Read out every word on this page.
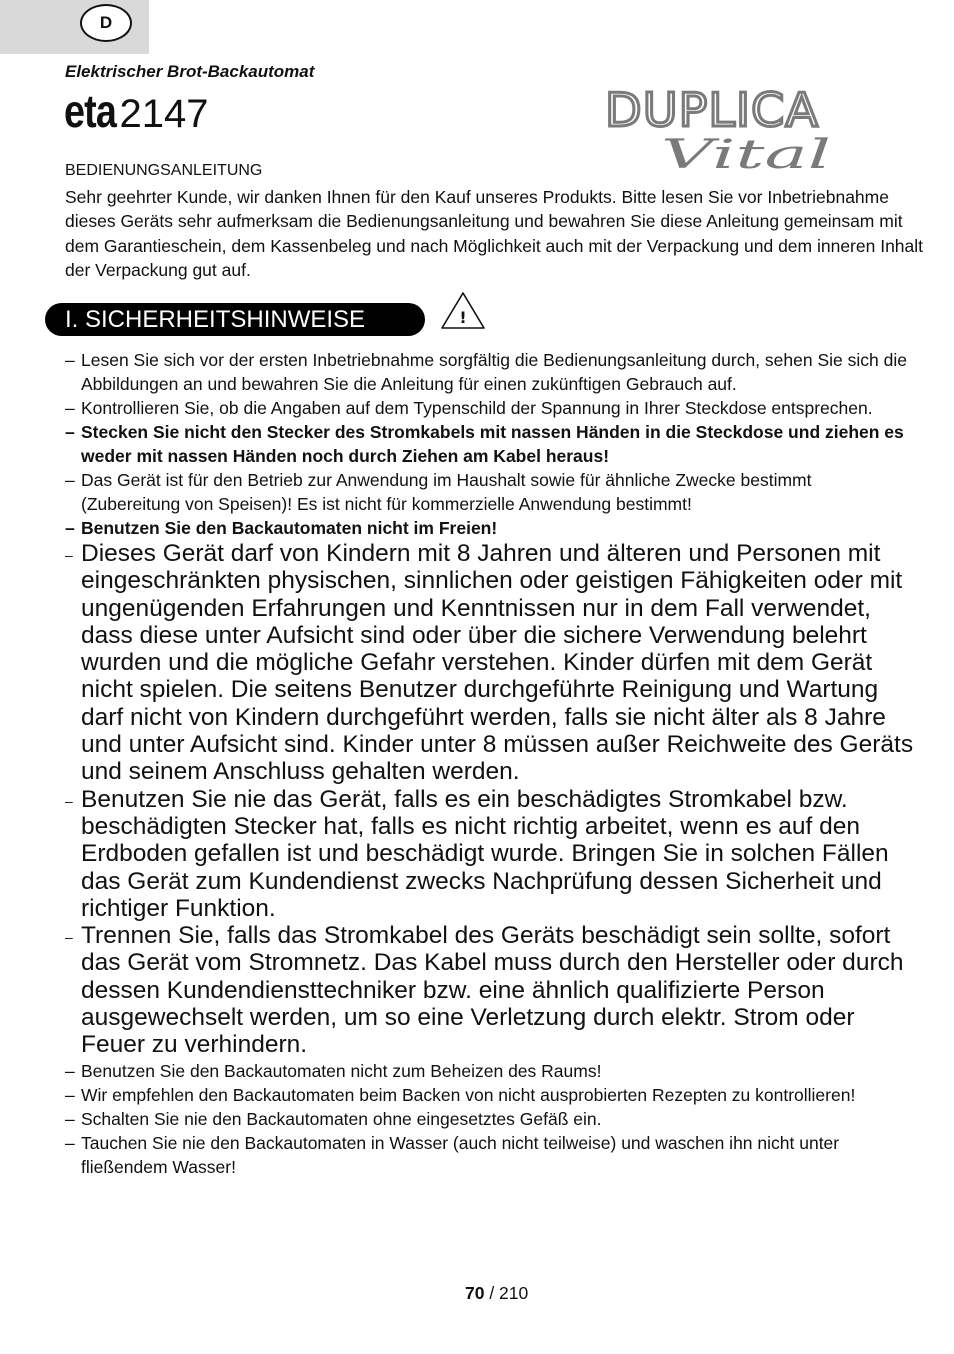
D
Elektrischer Brot-Backautomat
eta2147	DUPLICA
Vital
BEDIENUNGSANLEITUNG

Sehr geehrter Kunde, wir danken Ihnen für den Kauf unseres Produkts. Bitte lesen Sie vor Inbetriebnahme dieses Geräts sehr aufmerksam die Bedienungsanleitung und bewahren Sie diese Anleitung gemeinsam mit dem Garantieschein, dem Kassenbeleg und nach Möglichkeit auch mit der Verpackung und dem inneren Inhalt der Verpackung gut auf.

I. SICHERHEITSHINWEISE	!
– Lesen Sie sich vor der ersten Inbetriebnahme sorgfältig die Bedienungsanleitung durch, sehen Sie sich die Abbildungen an und bewahren Sie die Anleitung für einen zukünftigen Gebrauch auf.
– Kontrollieren Sie, ob die Angaben auf dem Typenschild der Spannung in Ihrer Steckdose entsprechen.
– Stecken Sie nicht den Stecker des Stromkabels mit nassen Händen in die Steckdose und ziehen es weder mit nassen Händen noch durch Ziehen am Kabel heraus!
– Das Gerät ist für den Betrieb zur Anwendung im Haushalt sowie für ähnliche Zwecke bestimmt (Zubereitung von Speisen)! Es ist nicht für kommerzielle Anwendung bestimmt!
– Benutzen Sie den Backautomaten nicht im Freien!
– Dieses Gerät darf von Kindern mit 8 Jahren und älteren und Personen mit eingeschränkten physischen, sinnlichen oder geistigen Fähigkeiten oder mit ungenügenden Erfahrungen und Kenntnissen nur in dem Fall verwendet, dass diese unter Aufsicht sind oder über die sichere Verwendung belehrt wurden und die mögliche Gefahr verstehen. Kinder dürfen mit dem Gerät nicht spielen. Die seitens Benutzer durchgeführte Reinigung und Wartung darf nicht von Kindern durchgeführt werden, falls sie nicht älter als 8 Jahre und unter Aufsicht sind. Kinder unter 8 müssen außer Reichweite des Geräts und seinem Anschluss gehalten werden.
– Benutzen Sie nie das Gerät, falls es ein beschädigtes Stromkabel bzw. beschädigten Stecker hat, falls es nicht richtig arbeitet, wenn es auf den Erdboden gefallen ist und beschädigt wurde. Bringen Sie in solchen Fällen das Gerät zum Kundendienst zwecks Nachprüfung dessen Sicherheit und richtiger Funktion.
– Trennen Sie, falls das Stromkabel des Geräts beschädigt sein sollte, sofort das Gerät vom Stromnetz. Das Kabel muss durch den Hersteller oder durch dessen Kundendiensttechniker bzw. eine ähnlich qualifizierte Person ausgewechselt werden, um so eine Verletzung durch elektr. Strom oder Feuer zu verhindern.
– Benutzen Sie den Backautomaten nicht zum Beheizen des Raums!
– Wir empfehlen den Backautomaten beim Backen von nicht ausprobierten Rezepten zu kontrollieren!
– Schalten Sie nie den Backautomaten ohne eingesetztes Gefäß ein.
– Tauchen Sie nie den Backautomaten in Wasser (auch nicht teilweise) und waschen ihn nicht unter fließendem Wasser!
70 / 210
